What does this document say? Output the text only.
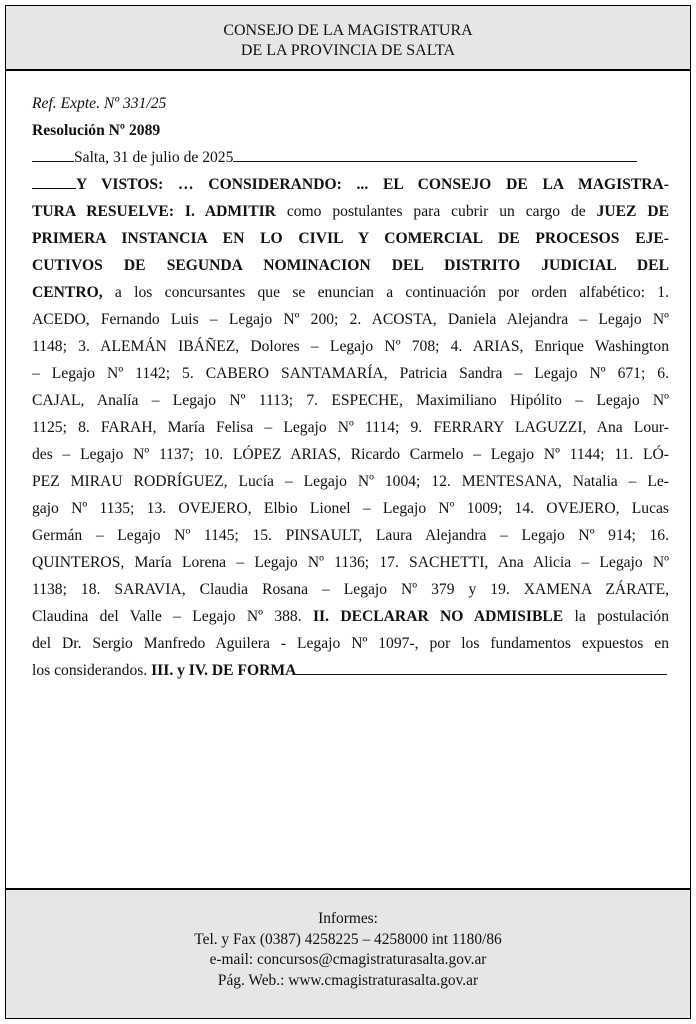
CONSEJO DE LA MAGISTRATURA
DE LA PROVINCIA DE SALTA
Ref. Expte. Nº 331/25
Resolución Nº 2089
Salta, 31 de julio de 2025
Y VISTOS: … CONSIDERANDO: ... EL CONSEJO DE LA MAGISTRA-
TURA RESUELVE: I. ADMITIR como postulantes para cubrir un cargo de JUEZ DE
PRIMERA INSTANCIA EN LO CIVIL Y COMERCIAL DE PROCESOS EJE-
CUTIVOS DE SEGUNDA NOMINACION DEL DISTRITO JUDICIAL DEL
CENTRO, a los concursantes que se enuncian a continuación por orden alfabético: 1.
ACEDO, Fernando Luis – Legajo Nº 200; 2. ACOSTA, Daniela Alejandra – Legajo Nº
1148; 3. ALEMÁN IBÁÑEZ, Dolores – Legajo Nº 708; 4. ARIAS, Enrique Washington
– Legajo Nº 1142; 5. CABERO SANTAMARÍA, Patricia Sandra – Legajo Nº 671; 6.
CAJAL, Analía – Legajo Nº 1113; 7. ESPECHE, Maximiliano Hipólito – Legajo Nº
1125; 8. FARAH, María Felisa – Legajo Nº 1114; 9. FERRARY LAGUZZI, Ana Lour-
des – Legajo Nº 1137; 10. LÓPEZ ARIAS, Ricardo Carmelo – Legajo Nº 1144; 11. LÓ-
PEZ MIRAU RODRÍGUEZ, Lucía – Legajo Nº 1004; 12. MENTESANA, Natalia – Le-
gajo Nº 1135; 13. OVEJERO, Elbio Lionel – Legajo Nº 1009; 14. OVEJERO, Lucas
Germán – Legajo Nº 1145; 15. PINSAULT, Laura Alejandra – Legajo Nº 914; 16.
QUINTEROS, María Lorena – Legajo Nº 1136; 17. SACHETTI, Ana Alicia – Legajo Nº
1138; 18. SARAVIA, Claudia Rosana – Legajo Nº 379 y 19. XAMENA ZÁRATE,
Claudina del Valle – Legajo Nº 388. II. DECLARAR NO ADMISIBLE la postulación
del Dr. Sergio Manfredo Aguilera - Legajo Nº 1097-, por los fundamentos expuestos en
los considerandos. III. y IV. DE FORMA
Informes:
Tel. y Fax (0387) 4258225 – 4258000 int 1180/86
e-mail: concursos@cmagistraturasalta.gov.ar
Pág. Web.: www.cmagistraturasalta.gov.ar
